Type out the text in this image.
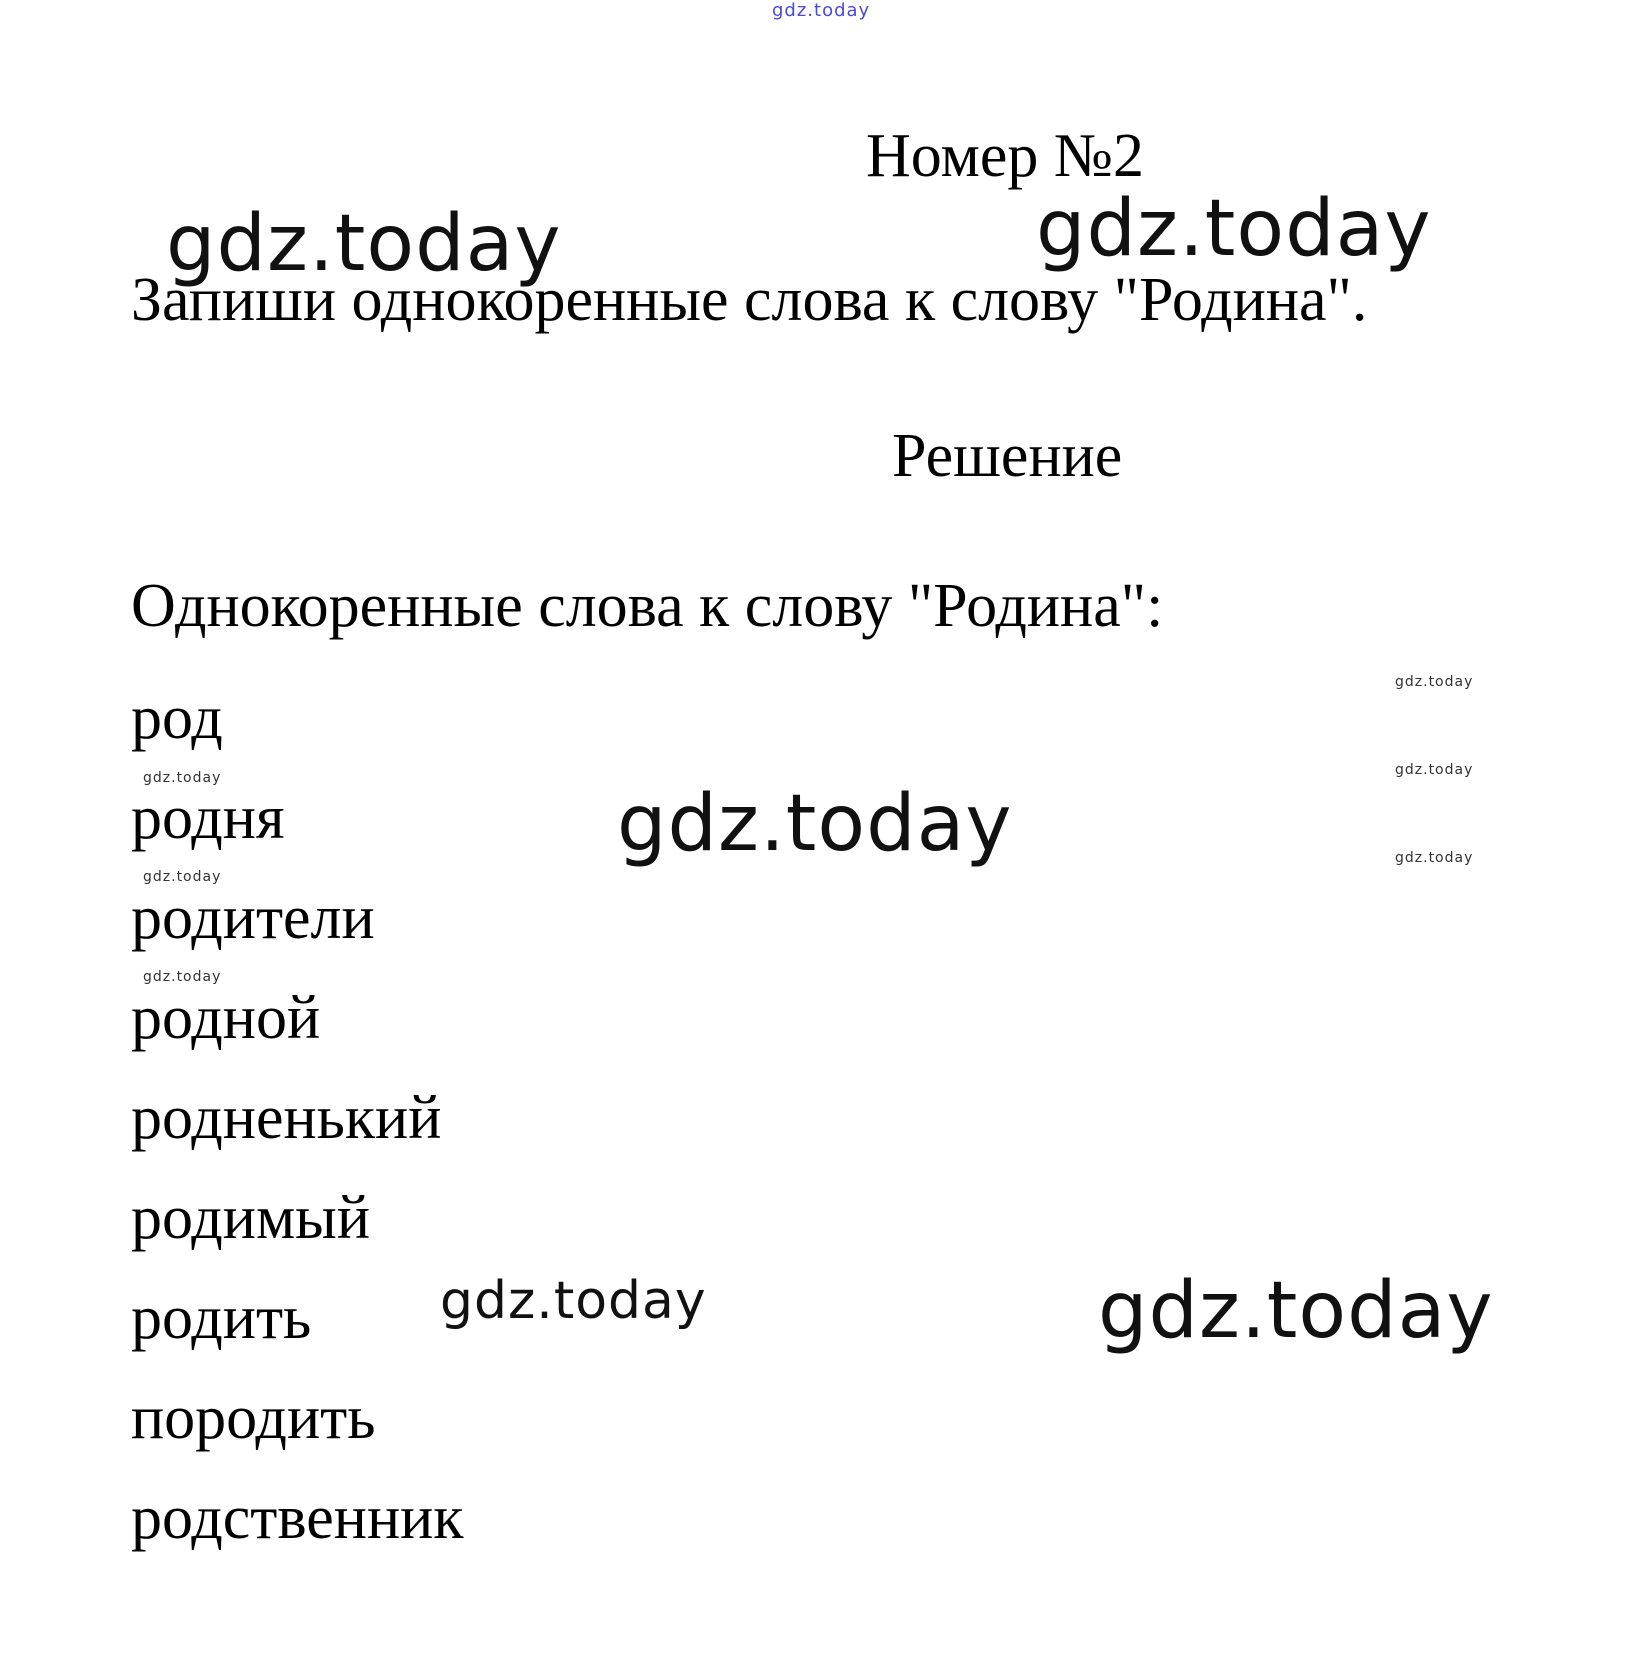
gdz.today
Номер №2
gdz.today	gdz.today
Запиши однокоренные слова к слову "Родина".
Решение
Однокоренные слова к слову "Родина":
род
родня
родители
родной
родненький
родимый
родить
породить
родственник
gdz.today
gdz.today
gdz.today
gdz.today
gdz.today
gdz.today
gdz.today
gdz.today	gdz.today
